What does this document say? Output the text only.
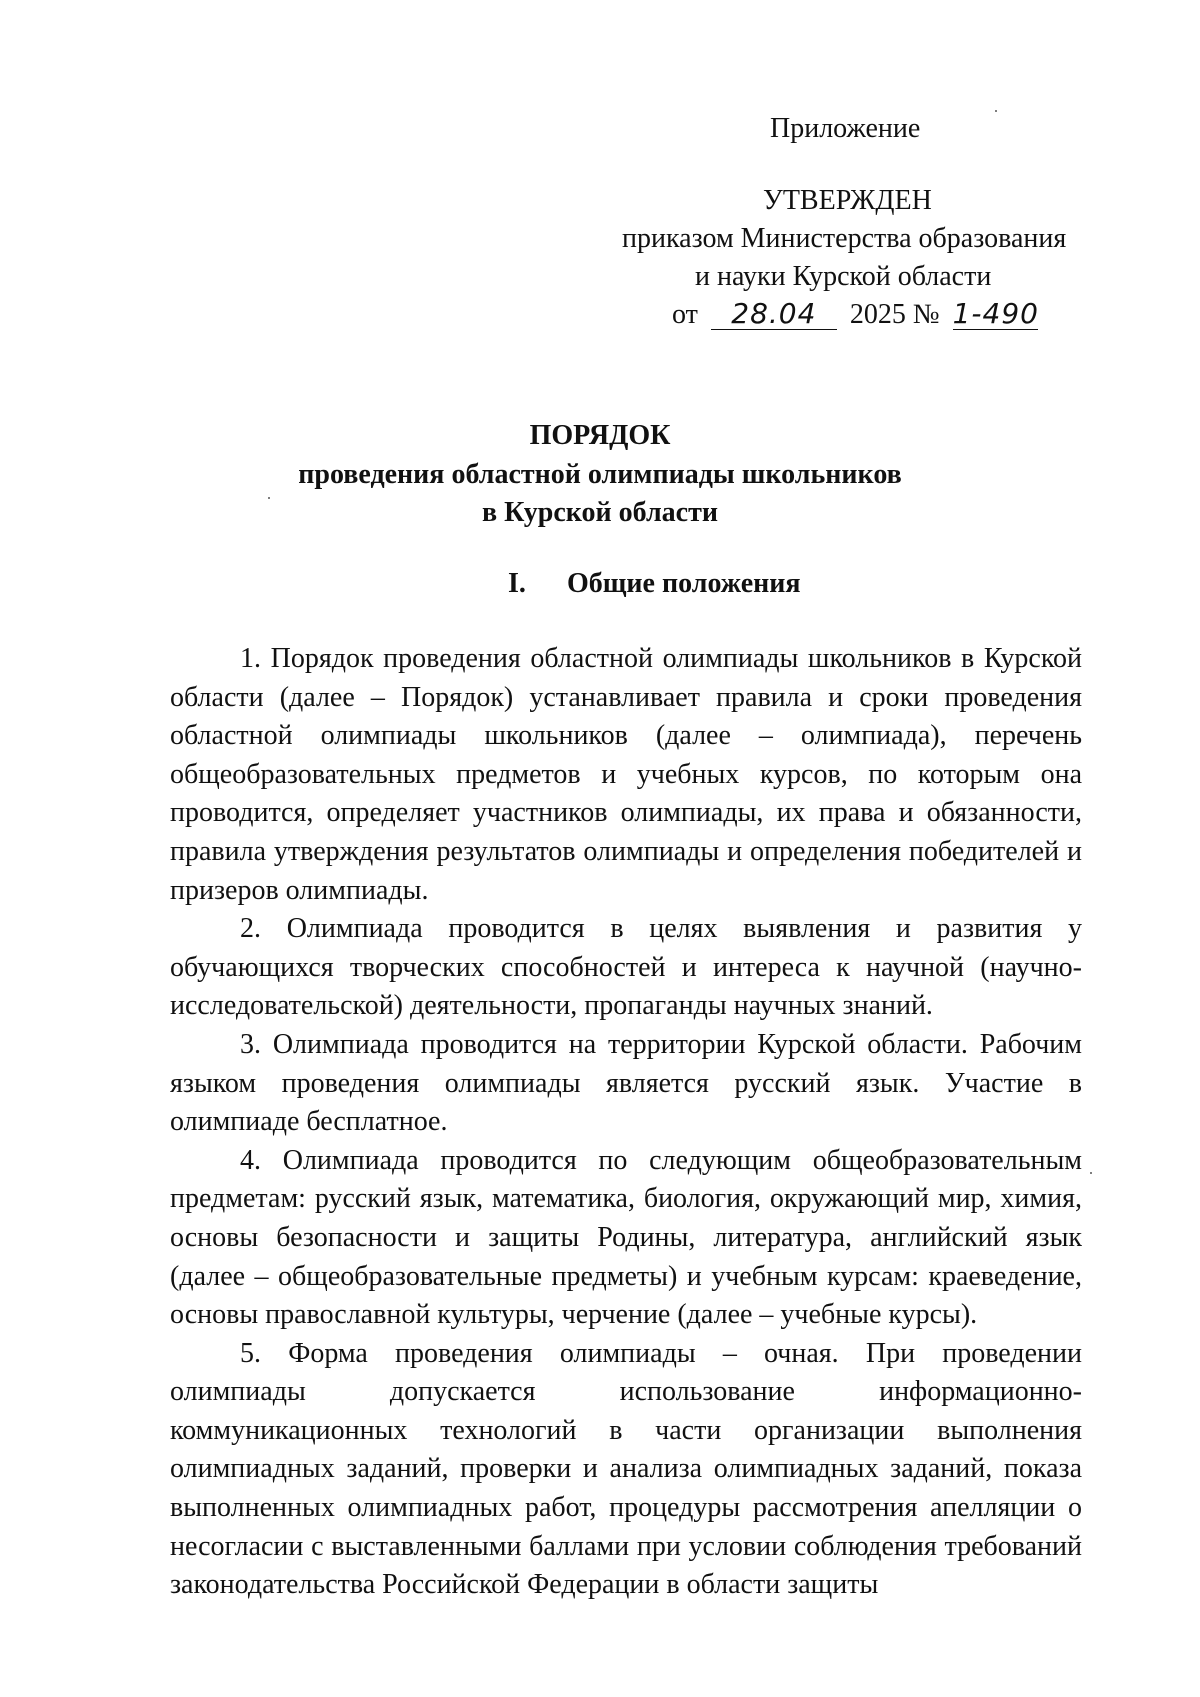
Приложение
УТВЕРЖДЕН
приказом Министерства образования
и науки Курской области
от 28.04 2025 № 1-490
ПОРЯДОК
проведения областной олимпиады школьников
в Курской области
I. Общие положения

1. Порядок проведения областной олимпиады школьников в Курской области (далее – Порядок) устанавливает правила и сроки проведения областной олимпиады школьников (далее – олимпиада), перечень общеобразовательных предметов и учебных курсов, по которым она проводится, определяет участников олимпиады, их права и обязанности, правила утверждения результатов олимпиады и определения победителей и призеров олимпиады.

2. Олимпиада проводится в целях выявления и развития у обучающихся творческих способностей и интереса к научной (научно-исследовательской) деятельности, пропаганды научных знаний.

3. Олимпиада проводится на территории Курской области. Рабочим языком проведения олимпиады является русский язык. Участие в олимпиаде бесплатное.

4. Олимпиада проводится по следующим общеобразовательным предметам: русский язык, математика, биология, окружающий мир, химия, основы безопасности и защиты Родины, литература, английский язык (далее – общеобразовательные предметы) и учебным курсам: краеведение, основы православной культуры, черчение (далее – учебные курсы).

5. Форма проведения олимпиады – очная. При проведении олимпиады допускается использование информационно-коммуникационных технологий в части организации выполнения олимпиадных заданий, проверки и анализа олимпиадных заданий, показа выполненных олимпиадных работ, процедуры рассмотрения апелляции о несогласии с выставленными баллами при условии соблюдения требований законодательства Российской Федерации в области защиты
